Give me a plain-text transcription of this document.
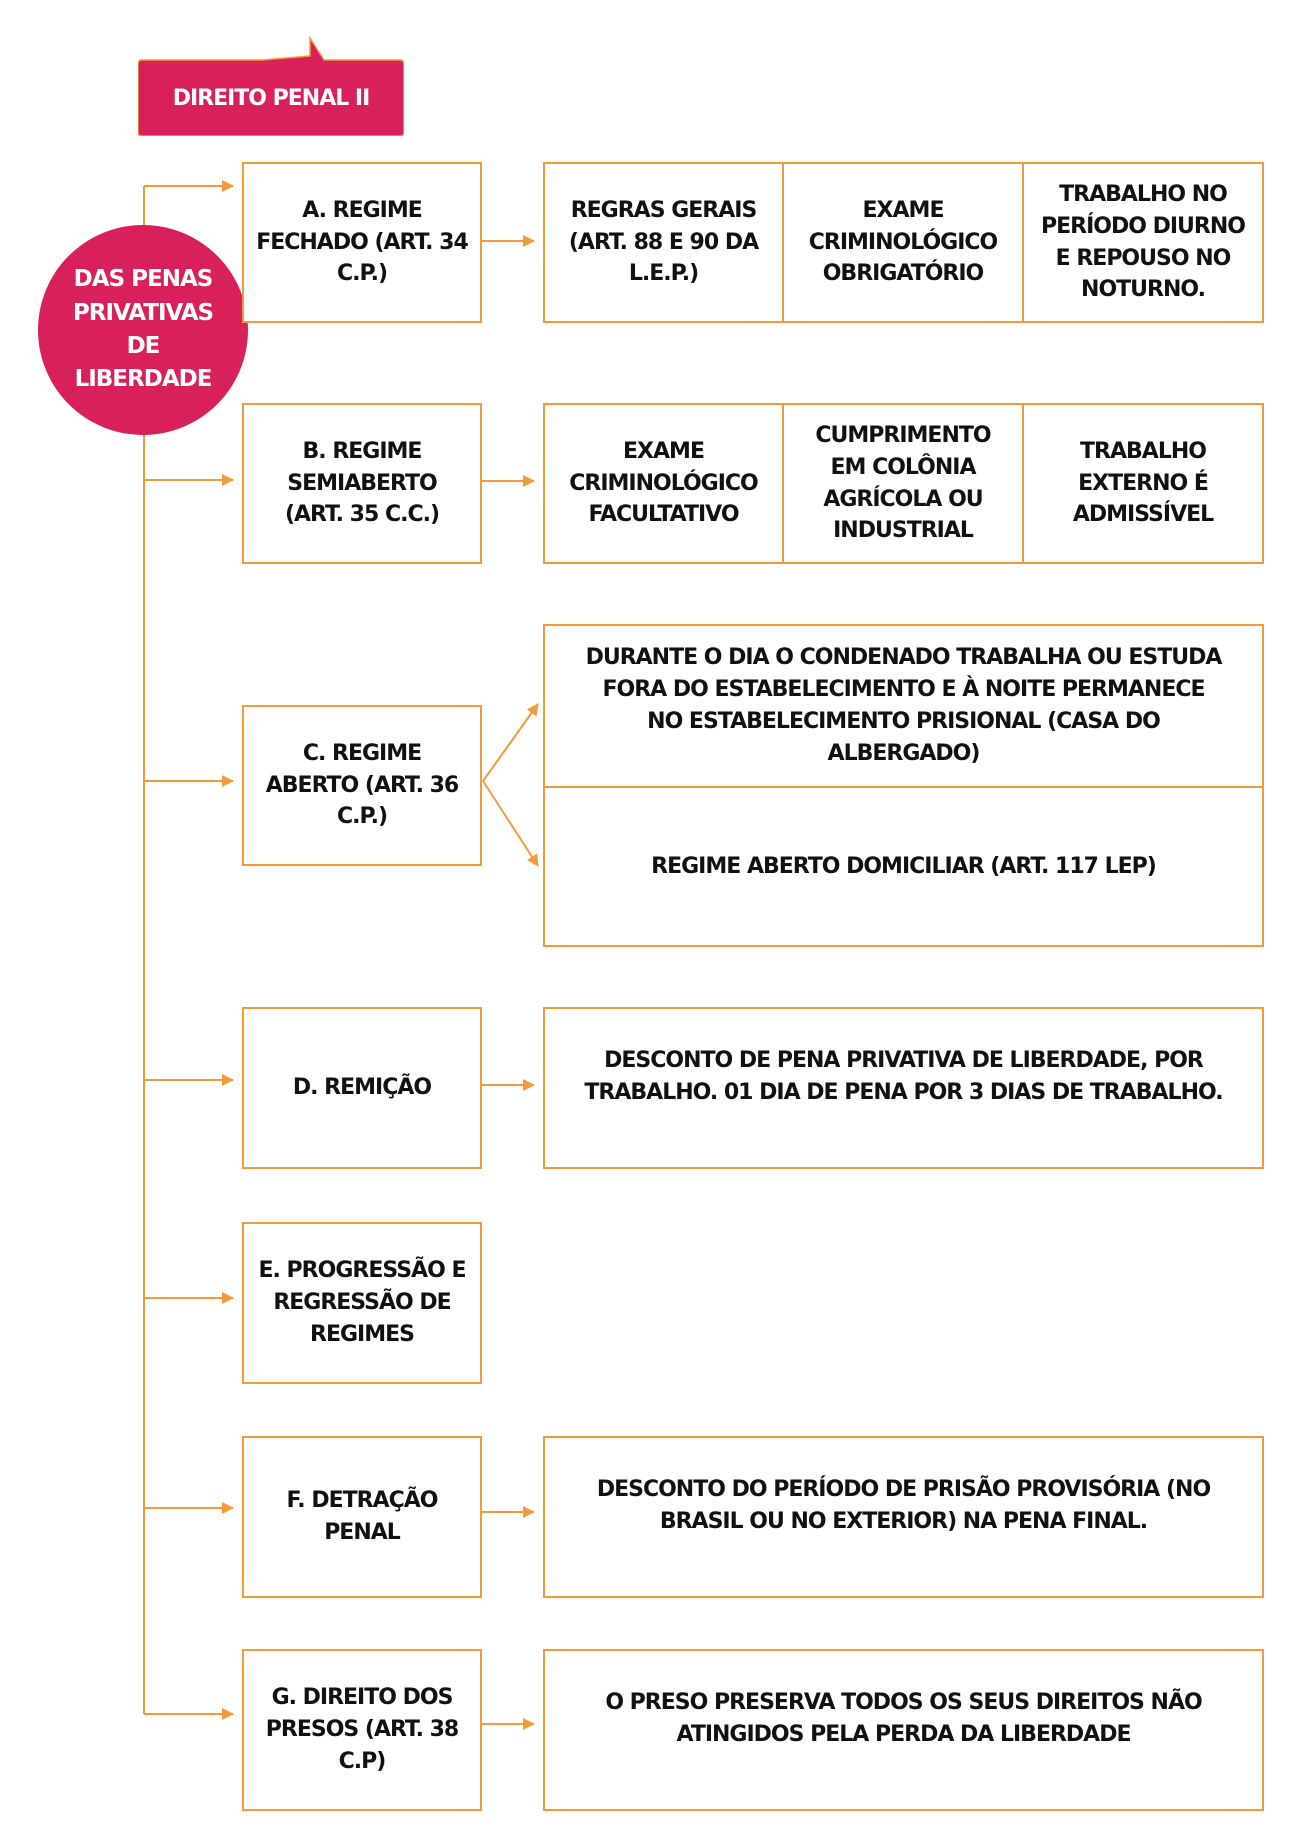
DIREITO PENAL II
DAS PENAS PRIVATIVAS DE LIBERDADE
A. REGIME FECHADO (ART. 34 C.P.)
REGRAS GERAIS (ART. 88 E 90 DA L.E.P.)
EXAME CRIMINOLÓGICO OBRIGATÓRIO
TRABALHO NO PERÍODO DIURNO E REPOUSO NO NOTURNO.
B. REGIME SEMIABERTO (ART. 35 C.C.)
EXAME CRIMINOLÓGICO FACULTATIVO
CUMPRIMENTO EM COLÔNIA AGRÍCOLA OU INDUSTRIAL
TRABALHO EXTERNO É ADMISSÍVEL
C. REGIME ABERTO (ART. 36 C.P.)
DURANTE O DIA O CONDENADO TRABALHA OU ESTUDA FORA DO ESTABELECIMENTO E À NOITE PERMANECE NO ESTABELECIMENTO PRISIONAL (CASA DO ALBERGADO)
REGIME ABERTO DOMICILIAR (ART. 117 LEP)
D. REMIÇÃO
DESCONTO DE PENA PRIVATIVA DE LIBERDADE, POR TRABALHO. 01 DIA DE PENA POR 3 DIAS DE TRABALHO.
E. PROGRESSÃO E REGRESSÃO DE REGIMES
F. DETRAÇÃO PENAL
DESCONTO DO PERÍODO DE PRISÃO PROVISÓRIA (NO BRASIL OU NO EXTERIOR) NA PENA FINAL.
G. DIREITO DOS PRESOS (ART. 38 C.P)
O PRESO PRESERVA TODOS OS SEUS DIREITOS NÃO ATINGIDOS PELA PERDA DA LIBERDADE
